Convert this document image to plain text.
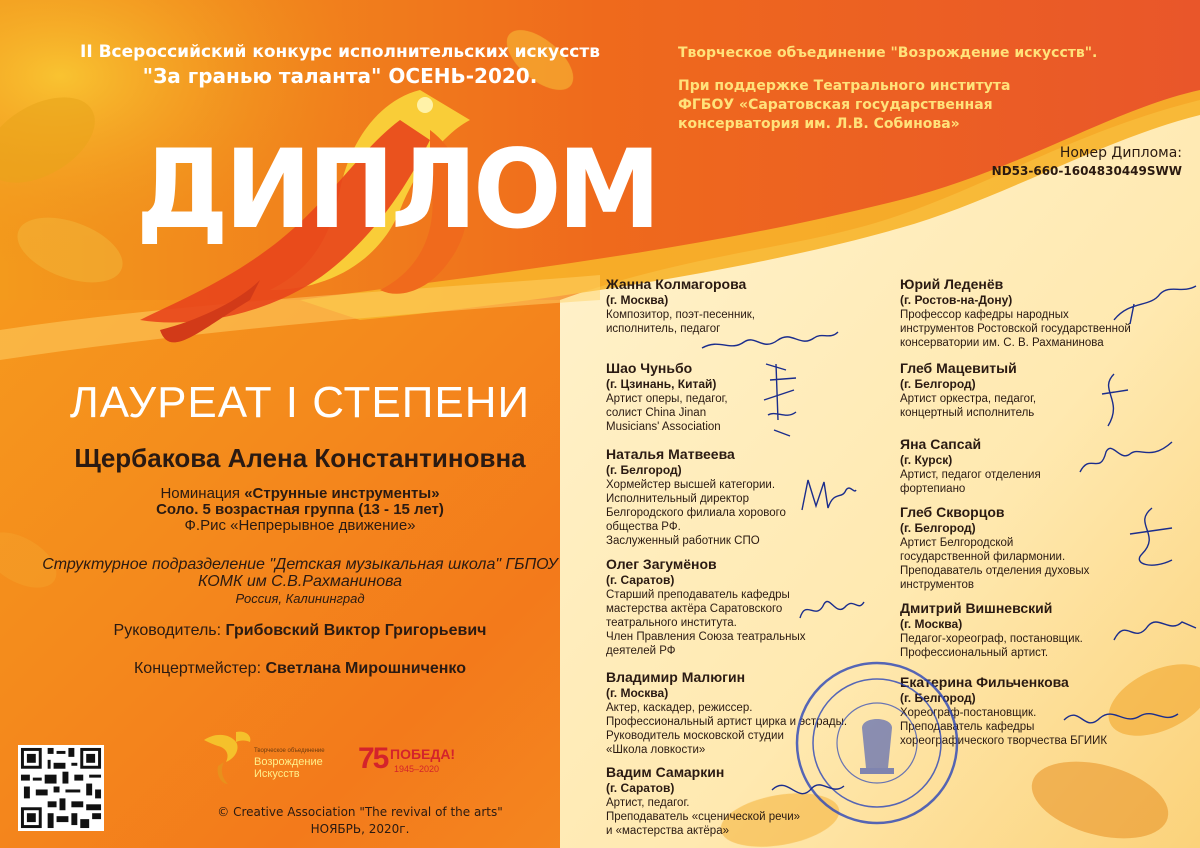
II Всероссийский конкурс исполнительских искусств
"За гранью таланта" ОСЕНЬ-2020.

Творческое объединение "Возрождение искусств".

При поддержке Театрального института
ФГБОУ «Саратовская государственная
консерватория им. Л.В. Собинова»
Номер Диплома:
ND53-660-1604830449SWW
ДИПЛОМ
ЛАУРЕАТ I СТЕПЕНИ
Щербакова Алена Константиновна
Номинация «Струнные инструменты»
Соло. 5 возрастная группа (13 - 15 лет)
Ф.Рис «Непрерывное движение»
Структурное подразделение "Детская музыкальная школа" ГБПОУ
КОМК им С.В.Рахманинова
Россия, Калининград
Руководитель: Грибовский Виктор Григорьевич
Концертмейстер: Светлана Мирошниченко
Творческое объединение
Возрождение
Искусств	75 ПОБЕДА!
1945–2020
© Creative Association "The revival of the arts"
НОЯБРЬ, 2020г.
Жанна Колмагорова
(г. Москва)
Композитор, поэт-песенник,
исполнитель, педагог
Шао Чуньбо
(г. Цзинань, Китай)
Артист оперы, педагог,
солист China Jinan
Musicians' Association
Наталья Матвеева
(г. Белгород)
Хормейстер высшей категории.
Исполнительный директор
Белгородского филиала хорового
общества РФ.
Заслуженный работник СПО
Олег Загумёнов
(г. Саратов)
Старший преподаватель кафедры
мастерства актёра Саратовского
театрального института.
Член Правления Союза театральных
деятелей РФ
Владимир Малюгин
(г. Москва)
Актер, каскадер, режиссер.
Профессиональный артист цирка и эстрады.
Руководитель московской студии
«Школа ловкости»
Вадим Самаркин
(г. Саратов)
Артист, педагог.
Преподаватель «сценической речи»
и «мастерства актёра»
Юрий Леденёв
(г. Ростов-на-Дону)
Профессор кафедры народных
инструментов Ростовской государственной
консерватории им. С. В. Рахманинова
Глеб Мацевитый
(г. Белгород)
Артист оркестра, педагог,
концертный исполнитель
Яна Сапсай
(г. Курск)
Артист, педагог отделения
фортепиано
Глеб Скворцов
(г. Белгород)
Артист Белгородской
государственной филармонии.
Преподаватель отделения духовых
инструментов
Дмитрий Вишневский
(г. Москва)
Педагог-хореограф, постановщик.
Профессиональный артист.
Екатерина Фильченкова
(г. Белгород)
Хореограф-постановщик.
Преподаватель кафедры
хореографического творчества БГИИК
